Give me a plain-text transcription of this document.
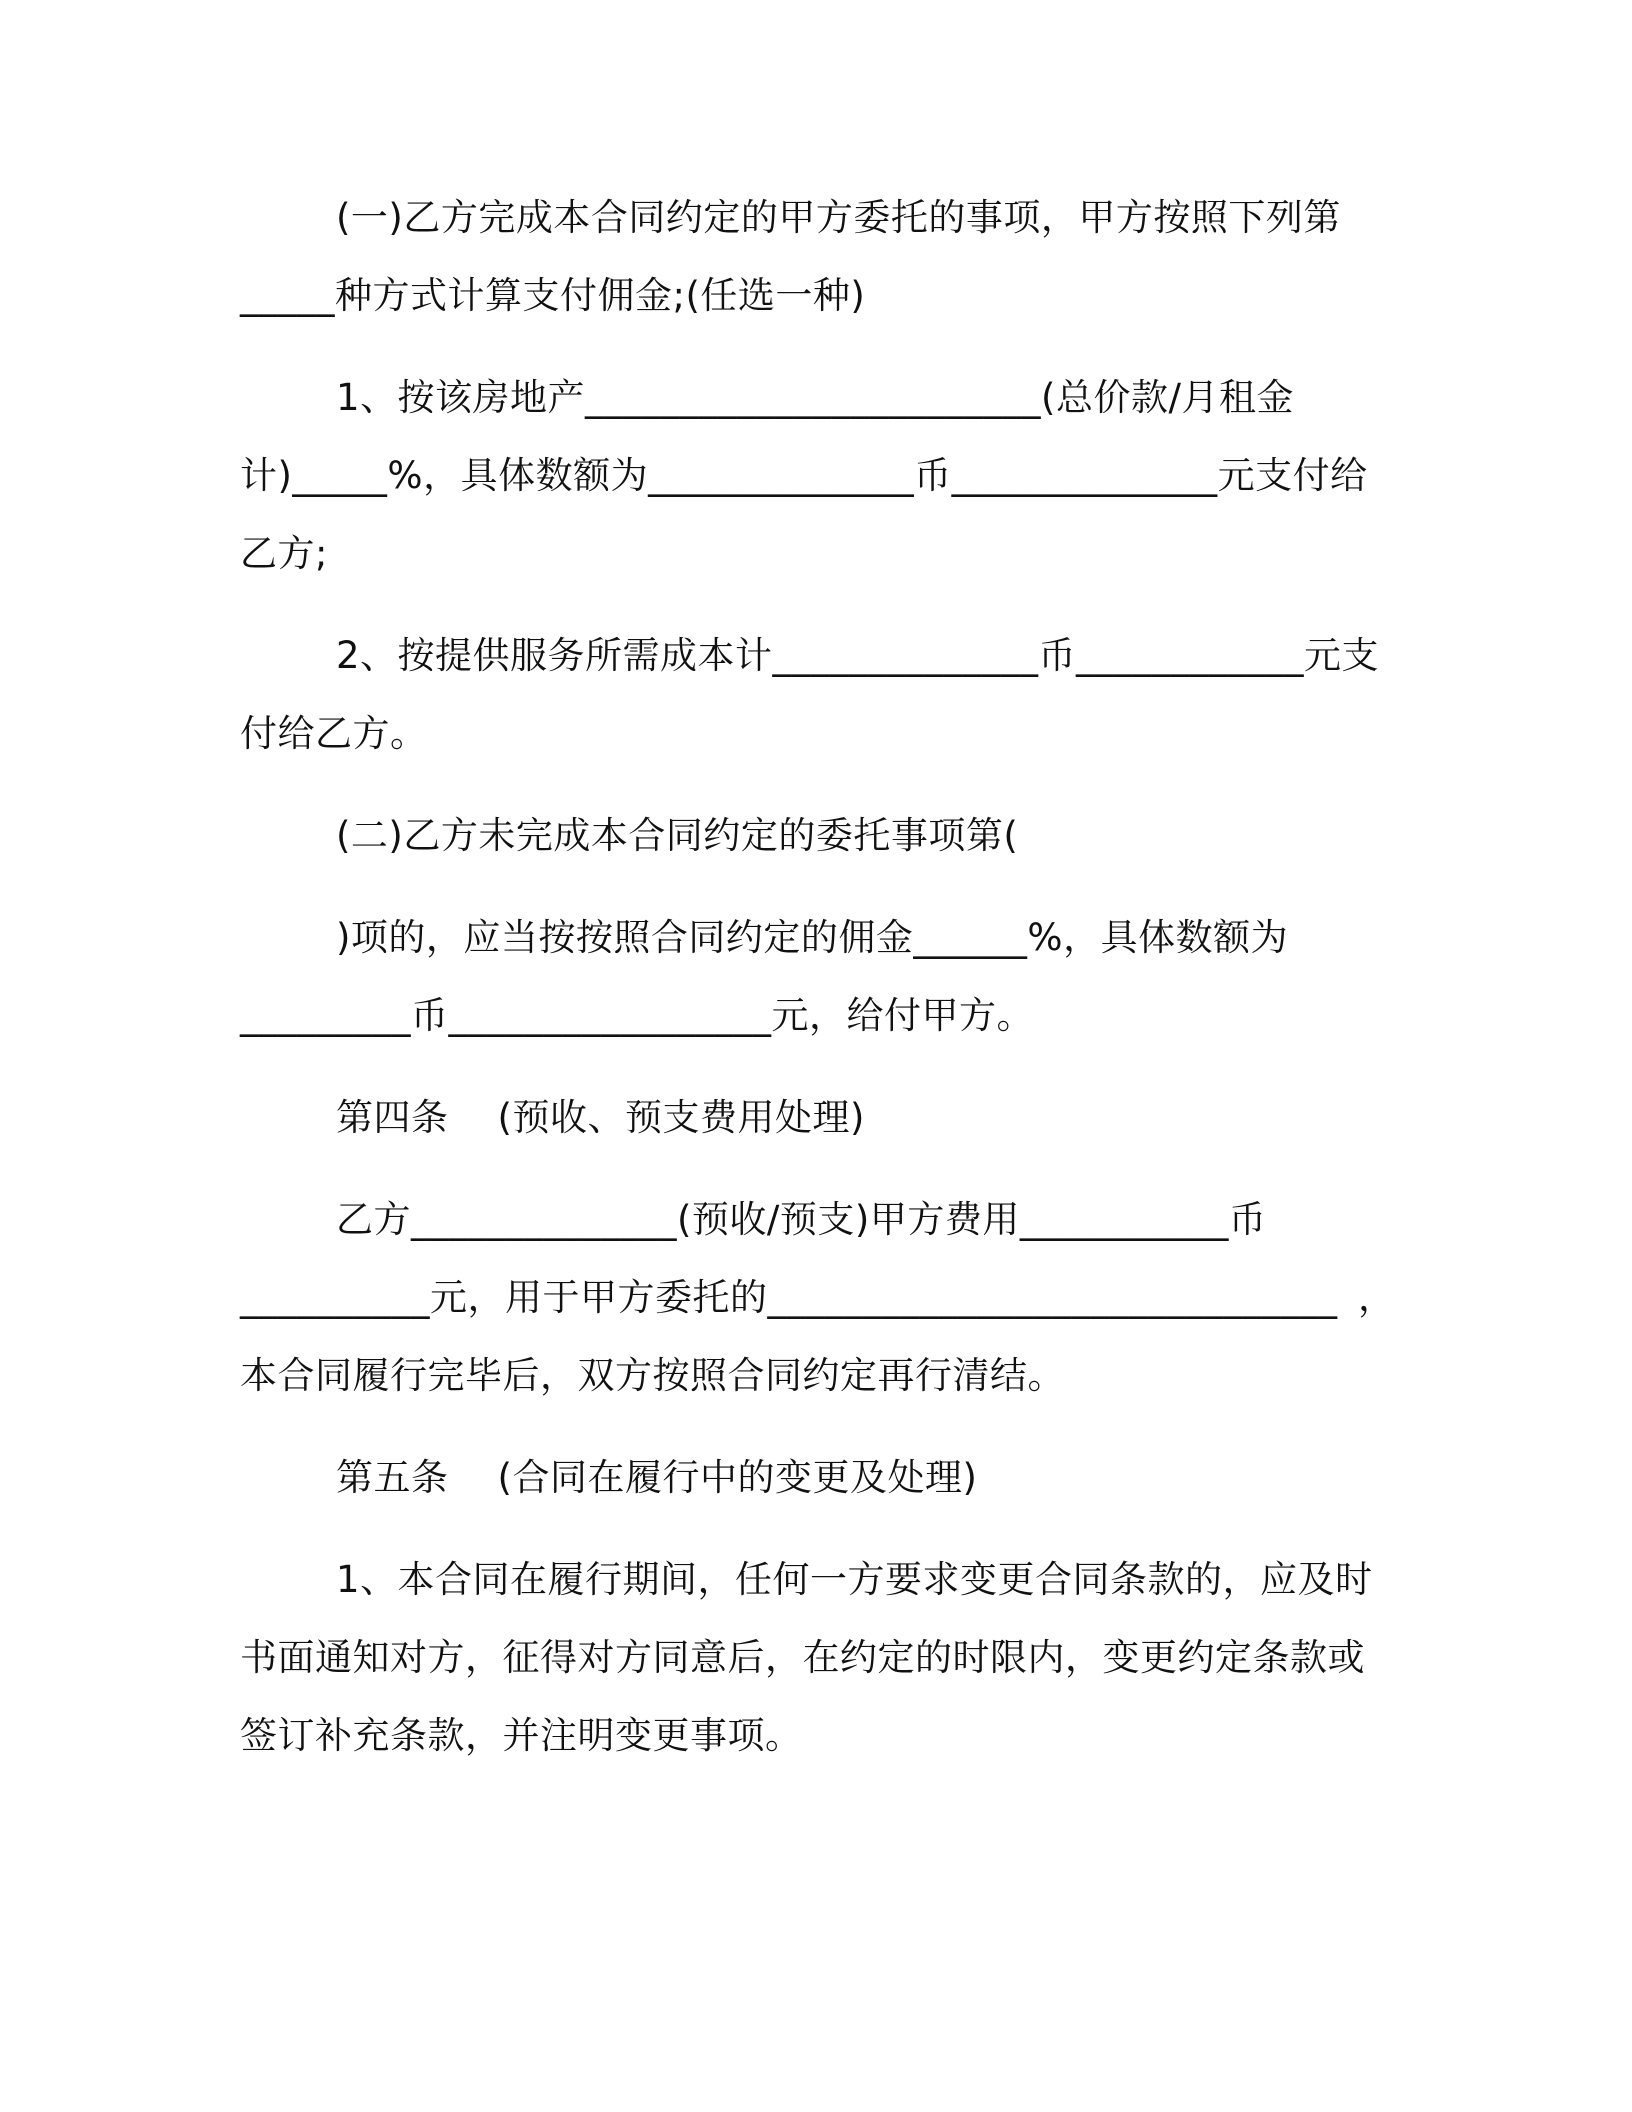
(一)乙方完成本合同约定的甲方委托的事项，甲方按照下列第

_____种方式计算支付佣金;(任选一种)

1、按该房地产________________________(总价款/月租金

计)_____%，具体数额为______________币______________元支付给

乙方;

2、按提供服务所需成本计______________币____________元支

付给乙方。

(二)乙方未完成本合同约定的委托事项第(

)项的，应当按按照合同约定的佣金______%，具体数额为

_________币_________________元，给付甲方。

第四条    (预收、预支费用处理)

乙方______________(预收/预支)甲方费用___________币

__________元，用于甲方委托的______________________________ ，

本合同履行完毕后，双方按照合同约定再行清结。

第五条    (合同在履行中的变更及处理)

1、本合同在履行期间，任何一方要求变更合同条款的，应及时

书面通知对方，征得对方同意后，在约定的时限内，变更约定条款或

签订补充条款，并注明变更事项。
